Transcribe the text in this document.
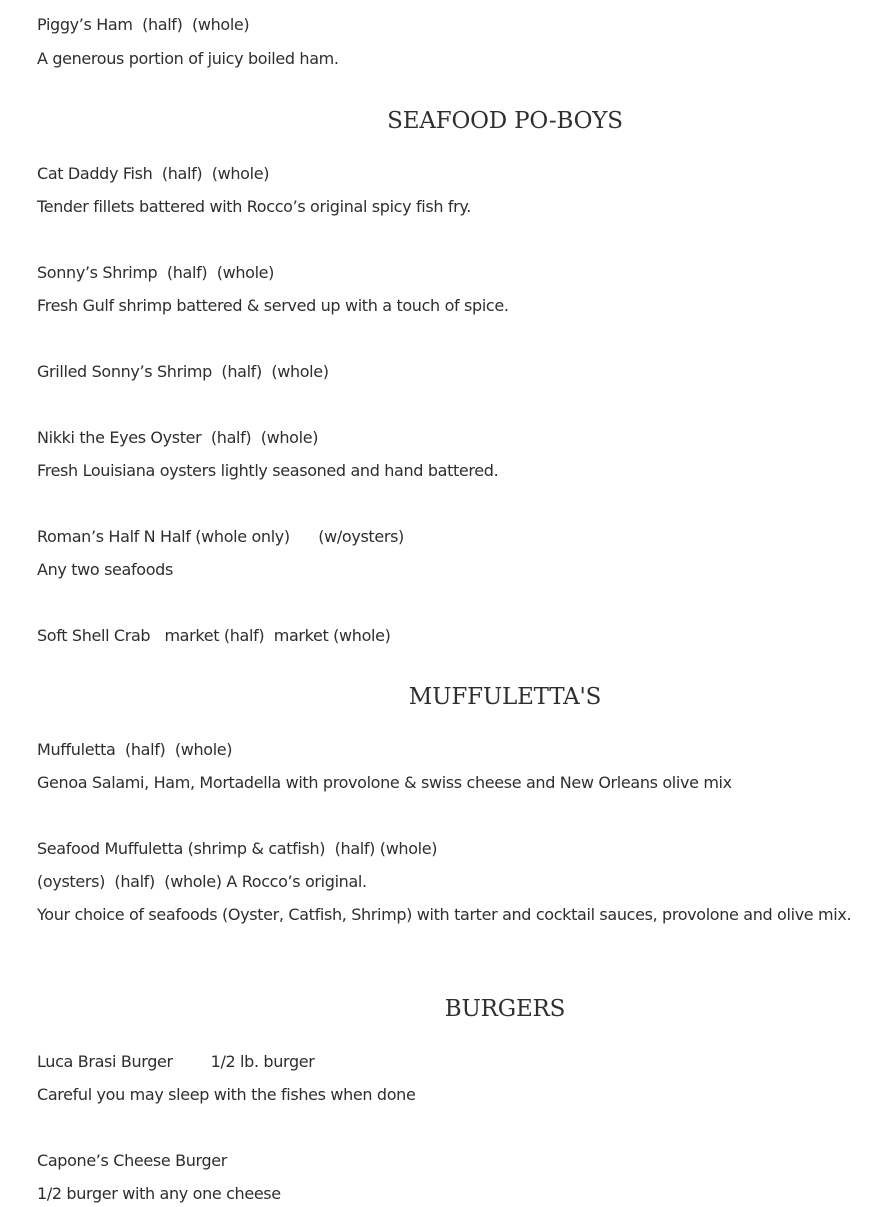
Piggy’s Ham  (half)  (whole)
A generous portion of juicy boiled ham.
SEAFOOD PO-BOYS
Cat Daddy Fish  (half)  (whole)
Tender fillets battered with Rocco’s original spicy fish fry.
Sonny’s Shrimp  (half)  (whole)
Fresh Gulf shrimp battered & served up with a touch of spice.
Grilled Sonny’s Shrimp  (half)  (whole)
Nikki the Eyes Oyster  (half)  (whole)
Fresh Louisiana oysters lightly seasoned and hand battered.
Roman’s Half N Half (whole only)      (w/oysters)
Any two seafoods
Soft Shell Crab   market (half)  market (whole)
MUFFULETTA'S
Muffuletta  (half)  (whole)
Genoa Salami, Ham, Mortadella with provolone & swiss cheese and New Orleans olive mix
Seafood Muffuletta (shrimp & catfish)  (half) (whole)
(oysters)  (half)  (whole) A Rocco’s original.
Your choice of seafoods (Oyster, Catfish, Shrimp) with tarter and cocktail sauces, provolone and olive mix.
BURGERS
Luca Brasi Burger        1/2 lb. burger
Careful you may sleep with the fishes when done
Capone’s Cheese Burger
1/2 burger with any one cheese
